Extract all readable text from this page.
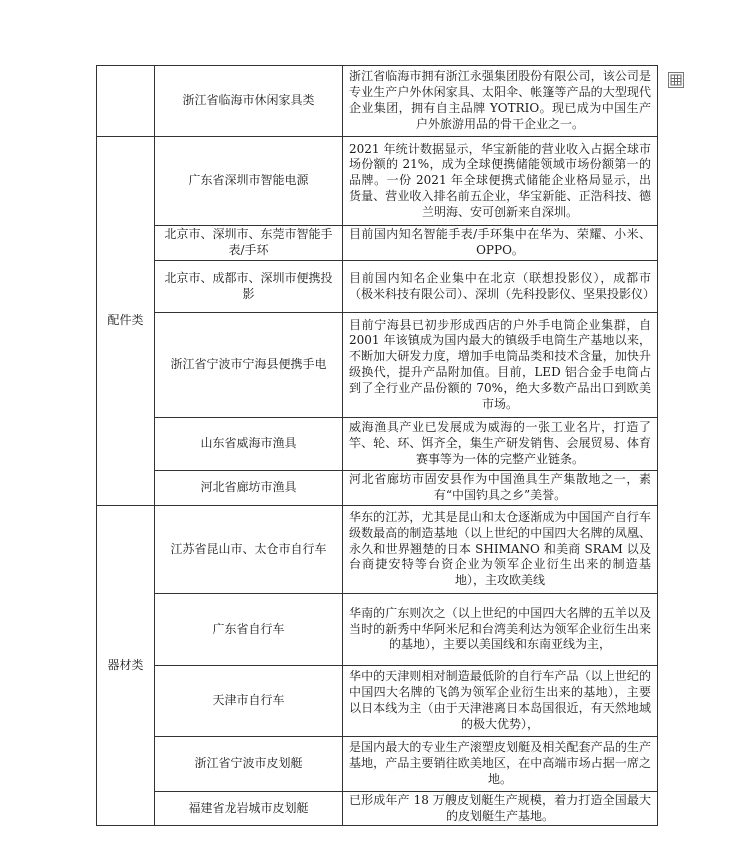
	浙江省临海市休闲家具类	浙江省临海市拥有浙江永强集团股份有限公司，该公司是专业生产户外休闲家具、太阳伞、帐篷等产品的大型现代企业集团，拥有自主品牌 YOTRIO。现已成为中国生产户外旅游用品的骨干企业之一。
配件类	广东省深圳市智能电源	2021 年统计数据显示，华宝新能的营业收入占据全球市场份额的 21%，成为全球便携储能领域市场份额第一的品牌。一份 2021 年全球便携式储能企业格局显示，出货量、营业收入排名前五企业，华宝新能、正浩科技、德兰明海、安可创新来自深圳。
	北京市、深圳市、东莞市智能手表/手环	目前国内知名智能手表/手环集中在华为、荣耀、小米、OPPO。
	北京市、成都市、深圳市便携投影	目前国内知名企业集中在北京（联想投影仪），成都市（极米科技有限公司）、深圳（先科投影仪、坚果投影仪）
	浙江省宁波市宁海县便携手电	目前宁海县已初步形成西店的户外手电筒企业集群，自 2001 年该镇成为国内最大的镇级手电筒生产基地以来，不断加大研发力度，增加手电筒品类和技术含量，加快升级换代，提升产品附加值。目前，LED 铝合金手电筒占到了全行业产品份额的 70%，绝大多数产品出口到欧美市场。
	山东省威海市渔具	威海渔具产业已发展成为威海的一张工业名片，打造了竿、轮、环、饵齐全，集生产研发销售、会展贸易、体育赛事等为一体的完整产业链条。
	河北省廊坊市渔具	河北省廊坊市固安县作为中国渔具生产集散地之一，素有“中国钓具之乡”美誉。
器材类	江苏省昆山市、太仓市自行车	华东的江苏，尤其是昆山和太仓逐渐成为中国国产自行车级数最高的制造基地（以上世纪的中国四大名牌的凤凰、永久和世界翘楚的日本 SHIMANO 和美商 SRAM 以及台商捷安特等台资企业为领军企业衍生出来的制造基地），主攻欧美线
	广东省自行车	华南的广东则次之（以上世纪的中国四大名牌的五羊以及当时的新秀中华阿米尼和台湾美利达为领军企业衍生出来的基地），主要以美国线和东南亚线为主，
	天津市自行车	华中的天津则相对制造最低阶的自行车产品（以上世纪的中国四大名牌的飞鸽为领军企业衍生出来的基地），主要以日本线为主（由于天津港离日本岛国很近，有天然地域的极大优势），
	浙江省宁波市皮划艇	是国内最大的专业生产滚塑皮划艇及相关配套产品的生产基地，产品主要销往欧美地区，在中高端市场占据一席之地。
	福建省龙岩城市皮划艇	已形成年产 18 万艘皮划艇生产规模，着力打造全国最大的皮划艇生产基地。
